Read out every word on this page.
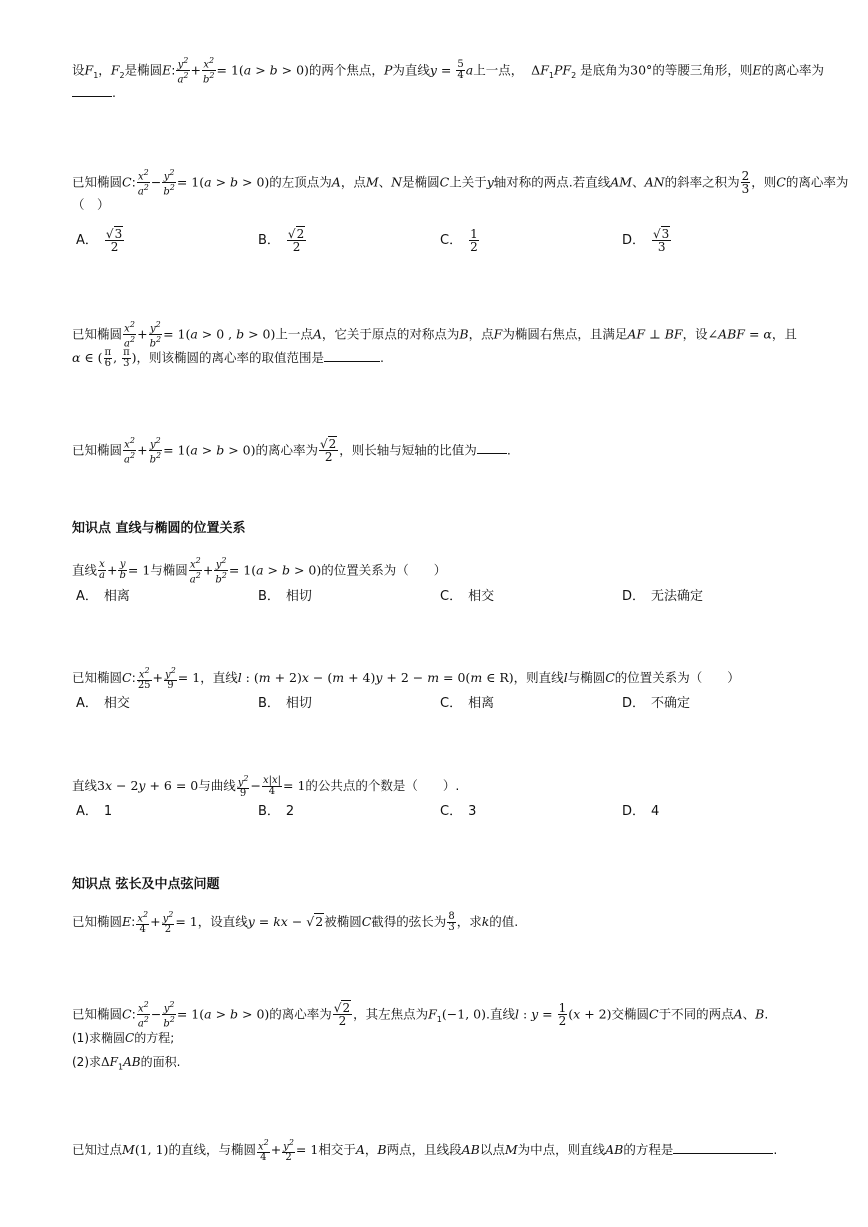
设$F_1$，$F_2$是椭圆E: $\frac{y^2}{a^2} + \frac{x^2}{b^2} = 1(a > b > 0)$的两个焦点，P为直线$y = \frac{5}{4}$ a上一点， $\Delta F_1PF_2$ 是底角为30°的等腰三角形，则E的离心率为
.
已知椭圆C: $\frac{x^2}{a^2} - \frac{y^2}{b^2} = 1(a > b > 0)$的左顶点为A，点M、N是椭圆C上关于y轴对称的两点.若直线AM、AN的斜率之积为 $\frac{2}{3}$ ，则C的离心率为
（　）
A． $\frac{√3}{2}$	B． $\frac{√2}{2}$	C． $\frac{1}{2}$	D． $\frac{√3}{3}$
已知椭圆 $\frac{x^2}{a^2} + \frac{y^2}{b^2} = 1(a > 0$ , b > 0)上一点A，它关于原点的对称点为B，点F为椭圆右焦点，且满足AF ⊥ BF，设∠ABF = α，且
α ∈ ( $\frac{\pi}{6}$ , $\frac{\pi}{3}$ )，则该椭圆的离心率的取值范围是	.
已知椭圆 $\frac{x^2}{a^2} + \frac{y^2}{b^2} = 1(a > b > 0)$的离心率为 $\frac{√2}{2}$ ，则长轴与短轴的比值为 .
知识点 直线与椭圆的位置关系
直线 $\frac{x}{a} + \frac{y}{b} = 1$与椭圆 $\frac{x^2}{a^2} + \frac{y^2}{b^2} = 1(a > b > 0)$的位置关系为（　　）
A． 相离	B． 相切	C． 相交	D． 无法确定
已知椭圆C: $\frac{x^2}{25} + \frac{y^2}{9} = 1$，直线l : (m + 2)x − (m + 4)y + 2 − m = 0(m ∈ R)，则直线l与椭圆C的位置关系为（　　）
A． 相交	B． 相切	C． 相离	D． 不确定
直线3x − 2y + 6 = 0与曲线 $\frac{y^2}{9} - \frac{x|x|}{4} = 1$的公共点的个数是（　　）.
A． 1	B． 2	C． 3	D． 4
知识点 弦长及中点弦问题
已知椭圆E: $\frac{x^2}{4} + \frac{y^2}{2} = 1$，设直线y = kx − √2被椭圆C截得的弦长为 $\frac{8}{3}$ ，求k的值.
已知椭圆C: $\frac{x^2}{a^2} - \frac{y^2}{b^2} = 1(a > b > 0)$的离心率为 $\frac{√2}{2}$ ，其左焦点为$F_1(-1$, 0).直线l : $y = \frac{1}{2} (x + 2)$交椭圆C于不同的两点A、B.
(1)求椭圆C的方程;
(2)求$\Delta F_1AB$的面积.
已知过点M(1, 1)的直线，与椭圆 $\frac{x^2}{4} + \frac{y^2}{2} = 1$相交于A，B两点，且线段AB以点M为中点，则直线AB的方程是	.
